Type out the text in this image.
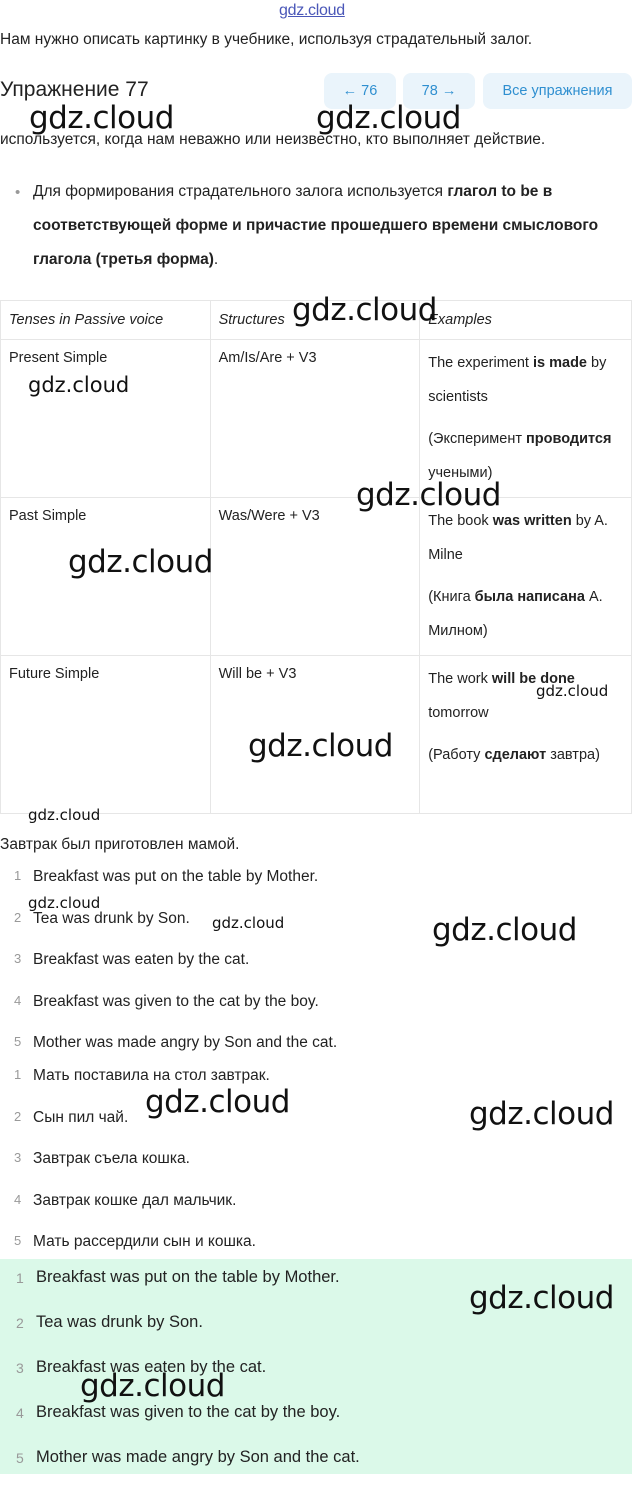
gdz.cloud
Нам нужно описать картинку в учебнике, используя страдательный залог.
Упражнение 77	← 76	78 →	Все упражнения
используется, когда нам неважно или неизвестно, кто выполняет действие.
• Для формирования страдательного залога используется глагол to be в соответствующей форме и причастие прошедшего времени смыслового глагола (третья форма).
Tenses in Passive voice	Structures	Examples
Present Simple	Am/Is/Are + V3	The experiment is made by scientists

(Эксперимент проводится учеными)

Past Simple	Was/Were + V3	The book was written by A. Milne

(Книга была написана А. Милном)

Future Simple	Will be + V3	The work will be done tomorrow

(Работу сделают завтра)

Завтрак был приготовлен мамой.
1 Breakfast was put on the table by Mother.
2 Tea was drunk by Son.
3 Breakfast was eaten by the cat.
4 Breakfast was given to the cat by the boy.
5 Mother was made angry by Son and the cat.
1 Мать поставила на стол завтрак.
2 Сын пил чай.
3 Завтрак съела кошка.
4 Завтрак кошке дал мальчик.
5 Мать рассердили сын и кошка.
1 Breakfast was put on the table by Mother.
2 Tea was drunk by Son.
3 Breakfast was eaten by the cat.
4 Breakfast was given to the cat by the boy.
5 Mother was made angry by Son and the cat.
gdz.cloud	gdz.cloud
gdz.cloud
gdz.cloud
gdz.cloud
gdz.cloud
gdz.cloud
gdz.cloud
gdz.cloud
gdz.cloud
gdz.cloud	gdz.cloud
gdz.cloud	gdz.cloud
gdz.cloud
gdz.cloud
